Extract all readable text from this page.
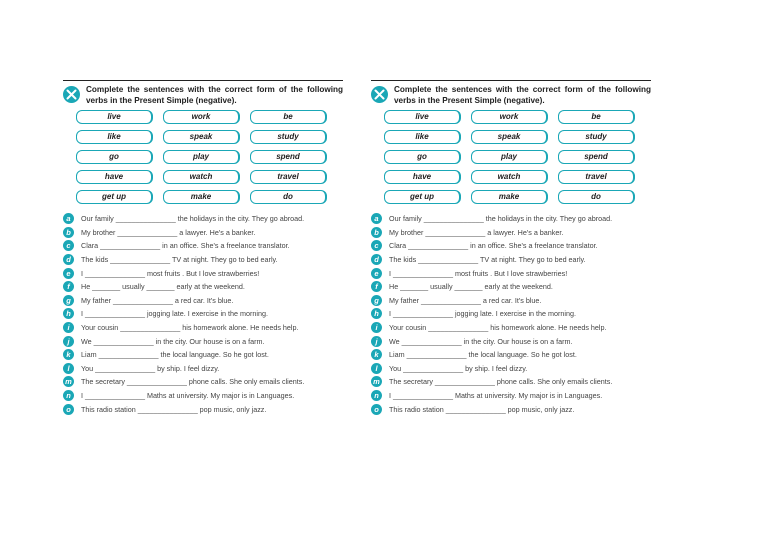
Complete the sentences with the correct form of the following verbs in the Present Simple (negative).
live	work	be
like	speak	study
go	play	spend
have	watch	travel
get up	make	do
a	Our family _______________ the holidays in the city. They go abroad.
b	My brother _______________ a lawyer. He's a banker.
c	Clara _______________ in an office. She's a freelance translator.
d	The kids _______________ TV at night. They go to bed early.
e	I _______________ most fruits . But I love strawberries!
f	He _______ usually _______ early at the weekend.
g	My father _______________ a red car. It's blue.
h	I _______________ jogging late. I exercise in the morning.
i	Your cousin _______________ his homework alone. He needs help.
j	We _______________ in the city. Our house is on a farm.
k	Liam _______________ the local language. So he got lost.
l	You _______________ by ship. I feel dizzy.
m	The secretary _______________ phone calls. She only emails clients.
n	I _______________ Maths at university. My major is in Languages.
o	This radio station _______________ pop music, only jazz.
Complete the sentences with the correct form of the following verbs in the Present Simple (negative).
live	work	be
like	speak	study
go	play	spend
have	watch	travel
get up	make	do
a	Our family _______________ the holidays in the city. They go abroad.
b	My brother _______________ a lawyer. He's a banker.
c	Clara _______________ in an office. She's a freelance translator.
d	The kids _______________ TV at night. They go to bed early.
e	I _______________ most fruits . But I love strawberries!
f	He _______ usually _______ early at the weekend.
g	My father _______________ a red car. It's blue.
h	I _______________ jogging late. I exercise in the morning.
i	Your cousin _______________ his homework alone. He needs help.
j	We _______________ in the city. Our house is on a farm.
k	Liam _______________ the local language. So he got lost.
l	You _______________ by ship. I feel dizzy.
m	The secretary _______________ phone calls. She only emails clients.
n	I _______________ Maths at university. My major is in Languages.
o	This radio station _______________ pop music, only jazz.
